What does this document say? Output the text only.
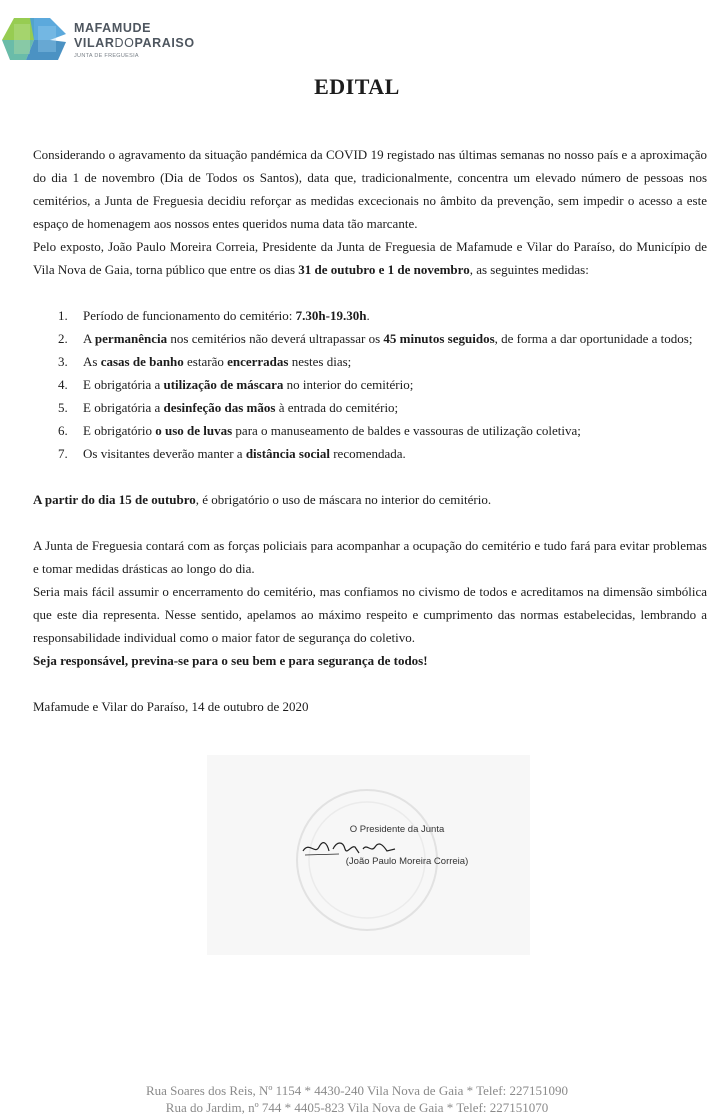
MAFAMUDE
VILARDOPARAISO
JUNTA DE FREGUESIA
EDITAL

Considerando o agravamento da situação pandémica da COVID 19 registado nas últimas semanas no nosso país e a aproximação do dia 1 de novembro (Dia de Todos os Santos), data que, tradicionalmente, concentra um elevado número de pessoas nos cemitérios, a Junta de Freguesia decidiu reforçar as medidas excecionais no âmbito da prevenção, sem impedir o acesso a este espaço de homenagem aos nossos entes queridos numa data tão marcante.

Pelo exposto, João Paulo Moreira Correia, Presidente da Junta de Freguesia de Mafamude e Vilar do Paraíso, do Município de Vila Nova de Gaia, torna público que entre os dias 31 de outubro e 1 de novembro, as seguintes medidas:

1. Período de funcionamento do cemitério: 7.30h-19.30h.
2. A permanência nos cemitérios não deverá ultrapassar os 45 minutos seguidos, de forma a dar oportunidade a todos;
3. As casas de banho estarão encerradas nestes dias;
4. E obrigatória a utilização de máscara no interior do cemitério;
5. E obrigatória a desinfeção das mãos à entrada do cemitério;
6. E obrigatório o uso de luvas para o manuseamento de baldes e vassouras de utilização coletiva;
7. Os visitantes deverão manter a distância social recomendada.

A partir do dia 15 de outubro, é obrigatório o uso de máscara no interior do cemitério.

A Junta de Freguesia contará com as forças policiais para acompanhar a ocupação do cemitério e tudo fará para evitar problemas e tomar medidas drásticas ao longo do dia.

Seria mais fácil assumir o encerramento do cemitério, mas confiamos no civismo de todos e acreditamos na dimensão simbólica que este dia representa. Nesse sentido, apelamos ao máximo respeito e cumprimento das normas estabelecidas, lembrando a responsabilidade individual como o maior fator de segurança do coletivo.

Seja responsável, previna-se para o seu bem e para segurança de todos!

Mafamude e Vilar do Paraíso, 14 de outubro de 2020

O Presidente da Junta
(João Paulo Moreira Correia)
Rua Soares dos Reis, Nº 1154 * 4430-240 Vila Nova de Gaia * Telef: 227151090
Rua do Jardim, nº 744 * 4405-823 Vila Nova de Gaia * Telef: 227151070
